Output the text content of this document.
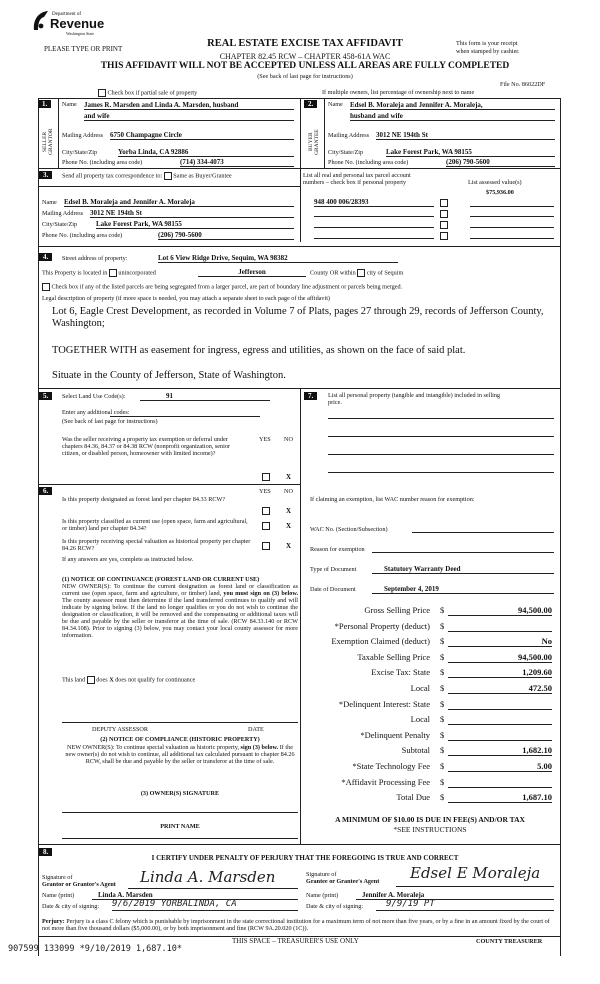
Department of
Revenue
Washington State
PLEASE TYPE OR PRINT	REAL ESTATE EXCISE TAX AFFIDAVIT
CHAPTER 82.45 RCW – CHAPTER 458-61A WAC
THIS AFFIDAVIT WILL NOT BE ACCEPTED UNLESS ALL AREAS ARE FULLY COMPLETED
(See back of last page for instructions)
This form is your receipt
when stamped by cashier.
File No. 86022DF
Check box if partial sale of property	If multiple owners, list percentage of ownership next to name
1.
SELLER GRANTOR
Name James R. Marsden and Linda A. Marsden, husband
and wife
Mailing Address 6750 Champagne Circle
City/State/Zip	Yorba Linda, CA 92886
Phone No. (including area code)	(714) 334-4073
2.
BUYER GRANTEE
Name Edsel B. Moraleja and Jennifer A. Moraleja,
husband and wife
Mailing Address 3012 NE 194th St
City/State/Zip	Lake Forest Park, WA 98155
Phone No. (including area code)	(206) 790-5600
3.	Send all property tax correspondence to: Same as Buyer/Grantee	List all real and personal tax parcel account
numbers – check box if personal property	List assessed value(s)
$75,936.00
Name Edsel B. Moraleja and Jennifer A. Moraleja
Mailing Address 3012 NE 194th St
City/State/Zip	Lake Forest Park, WA 98155
Phone No. (including area code)	(206) 790-5600
948 400 006/28393
4.	Street address of property:	Lot 6 View Ridge Drive, Sequim, WA 98382
This Property is located in unincorporated	Jefferson	County OR within city of Sequim
Check box if any of the listed parcels are being segregated from a larger parcel, are part of boundary line adjustment or parcels being merged.
Legal description of property (if more space is needed, you may attach a separate sheet to each page of the affidavit)
Lot 6, Eagle Crest Development, as recorded in Volume 7 of Plats, pages 27 through 29, records of Jefferson County,
Washington;
TOGETHER WITH as easement for ingress, egress and utilities, as shown on the face of said plat.
Situate in the County of Jefferson, State of Washington.
5.	Select Land Use Code(s):	91
Enter any additional codes:
(See back of last page for instructions)
YES NO
Was the seller receiving a property tax exemption or deferral under chapters 84.36, 84.37 or 84.38 RCW (nonprofit organization, senior citizen, or disabled person, homeowner with limited income)?
X
6.	YES NO
Is this property designated as forest land per chapter 84.33 RCW?
X
Is this property classified as current use (open space, farm and agricultural, or timber) land per chapter 84.34?	X
Is this property receiving special valuation as historical property per chapter 84.26 RCW?	X
If any answers are yes, complete as instructed below.
(1) NOTICE OF CONTINUANCE (FOREST LAND OR CURRENT USE)
NEW OWNER(S): To continue the current designation as forest land or classification as current use (open space, farm and agriculture, or timber) land, you must sign on (3) below. The county assessor must then determine if the land transferred continues to qualify and will indicate by signing below. If the land no longer qualifies or you do not wish to continue the designation or classification, it will be removed and the compensating or additional taxes will be due and payable by the seller or transferor at the time of sale. (RCW 84.33.140 or RCW 84.34.108). Prior to signing (3) below, you may contact your local county assessor for more information.
This land does X does not qualify for continuance
DEPUTY ASSESSOR	DATE
(2) NOTICE OF COMPLIANCE (HISTORIC PROPERTY)
NEW OWNER(S): To continue special valuation as historic property, sign (3) below. If the new owner(s) do not wish to continue, all additional tax calculated pursuant to chapter 84.26 RCW, shall be due and payable by the seller or transferor at the time of sale.
(3) OWNER(S) SIGNATURE
PRINT NAME
7.	List all personal property (tangible and intangible) included in selling
price.
If claiming an exemption, list WAC number reason for exemption:
WAC No. (Section/Subsection)
Reason for exemption
Type of Document	Statutory Warranty Deed
Date of Document	September 4, 2019
Gross Selling Price $	94,500.00
*Personal Property (deduct) $
Exemption Claimed (deduct) $	No
Taxable Selling Price $	94,500.00
Excise Tax: State $	1,209.60
Local $	472.50
*Delinquent Interest: State $
Local $
*Delinquent Penalty $
Subtotal $	1,682.10
*State Technology Fee $	5.00
*Affidavit Processing Fee $
Total Due $	1,687.10
A MINIMUM OF $10.00 IS DUE IN FEE(S) AND/OR TAX
*SEE INSTRUCTIONS
8.
I CERTIFY UNDER PENALTY OF PERJURY THAT THE FOREGOING IS TRUE AND CORRECT
Signature of
Grantor or Grantor's Agent Linda A. Marsden
Name (print)	Linda A. Marsden
Date & city of signing: 9/6/2019 YORBALINDA, CA
Signature of
Grantee or Grantee's Agent Edsel E Moraleja
Name (print)	Jennifer A. Moraleja
Date & city of signing:	9/9/19 PT
Perjury: Perjury is a class C felony which is punishable by imprisonment in the state correctional institution for a maximum term of not more than five years, or by a fine in an amount fixed by the court of not more than five thousand dollars ($5,000.00), or by both imprisonment and fine (RCW 9A.20.020 (1C)).
907599 133099 *9/10/2019 1,687.10*
THIS SPACE – TREASURER'S USE ONLY	COUNTY TREASURER
